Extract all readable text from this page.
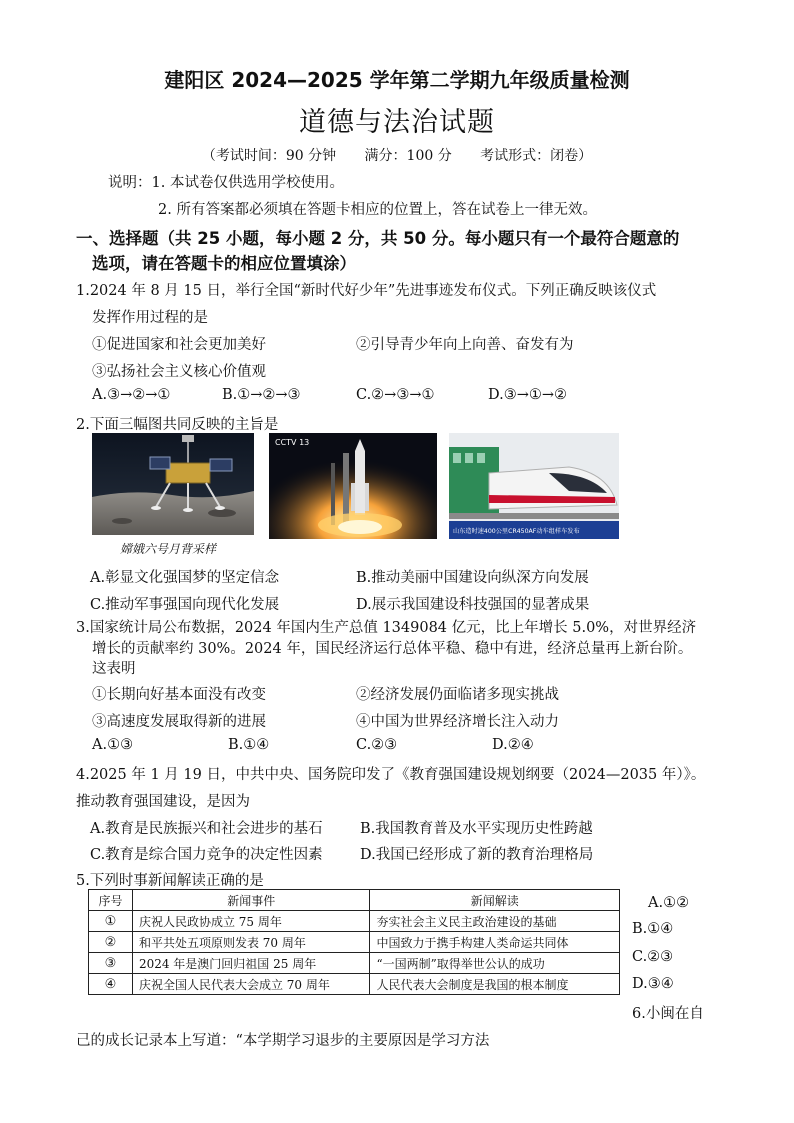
建阳区 2024—2025 学年第二学期九年级质量检测
道德与法治试题
（考试时间：90 分钟 满分：100 分 考试形式：闭卷）
说明：1. 本试卷仅供选用学校使用。
2. 所有答案都必须填在答题卡相应的位置上，答在试卷上一律无效。
一、选择题（共 25 小题，每小题 2 分，共 50 分。每小题只有一个最符合题意的
选项，请在答题卡的相应位置填涂）
1.2024 年 8 月 15 日，举行全国“新时代好少年”先进事迹发布仪式。下列正确反映该仪式
发挥作用过程的是
①促进国家和社会更加美好	②引导青少年向上向善、奋发有为
③弘扬社会主义核心价值观
A.③→②→①	B.①→②→③	C.②→③→①	D.③→①→②
2.下面三幅图共同反映的主旨是
嫦娥六号月背采样
CCTV 13
山东造时速400公里CR450AF动车组样车发布
A.彰显文化强国梦的坚定信念	B.推动美丽中国建设向纵深方向发展
C.推动军事强国向现代化发展	D.展示我国建设科技强国的显著成果
3.国家统计局公布数据，2024 年国内生产总值 1349084 亿元，比上年增长 5.0%，对世界经济
增长的贡献率约 30%。2024 年，国民经济运行总体平稳、稳中有进，经济总量再上新台阶。
这表明
①长期向好基本面没有改变	②经济发展仍面临诸多现实挑战
③高速度发展取得新的进展	④中国为世界经济增长注入动力
A.①③	B.①④	C.②③	D.②④
4.2025 年 1 月 19 日，中共中央、国务院印发了《教育强国建设规划纲要（2024—2035 年）》。
推动教育强国建设，是因为
A.教育是民族振兴和社会进步的基石	B.我国教育普及水平实现历史性跨越
C.教育是综合国力竞争的决定性因素	D.我国已经形成了新的教育治理格局
5.下列时事新闻解读正确的是
序号	新闻事件	新闻解读
①	庆祝人民政协成立 75 周年	夯实社会主义民主政治建设的基础
②	和平共处五项原则发表 70 周年	中国致力于携手构建人类命运共同体
③	2024 年是澳门回归祖国 25 周年	“一国两制”取得举世公认的成功
④	庆祝全国人民代表大会成立 70 周年	人民代表大会制度是我国的根本制度
A.①②
B.①④
C.②③
D.③④
6.小闽在自
己的成长记录本上写道：“本学期学习退步的主要原因是学习方法
